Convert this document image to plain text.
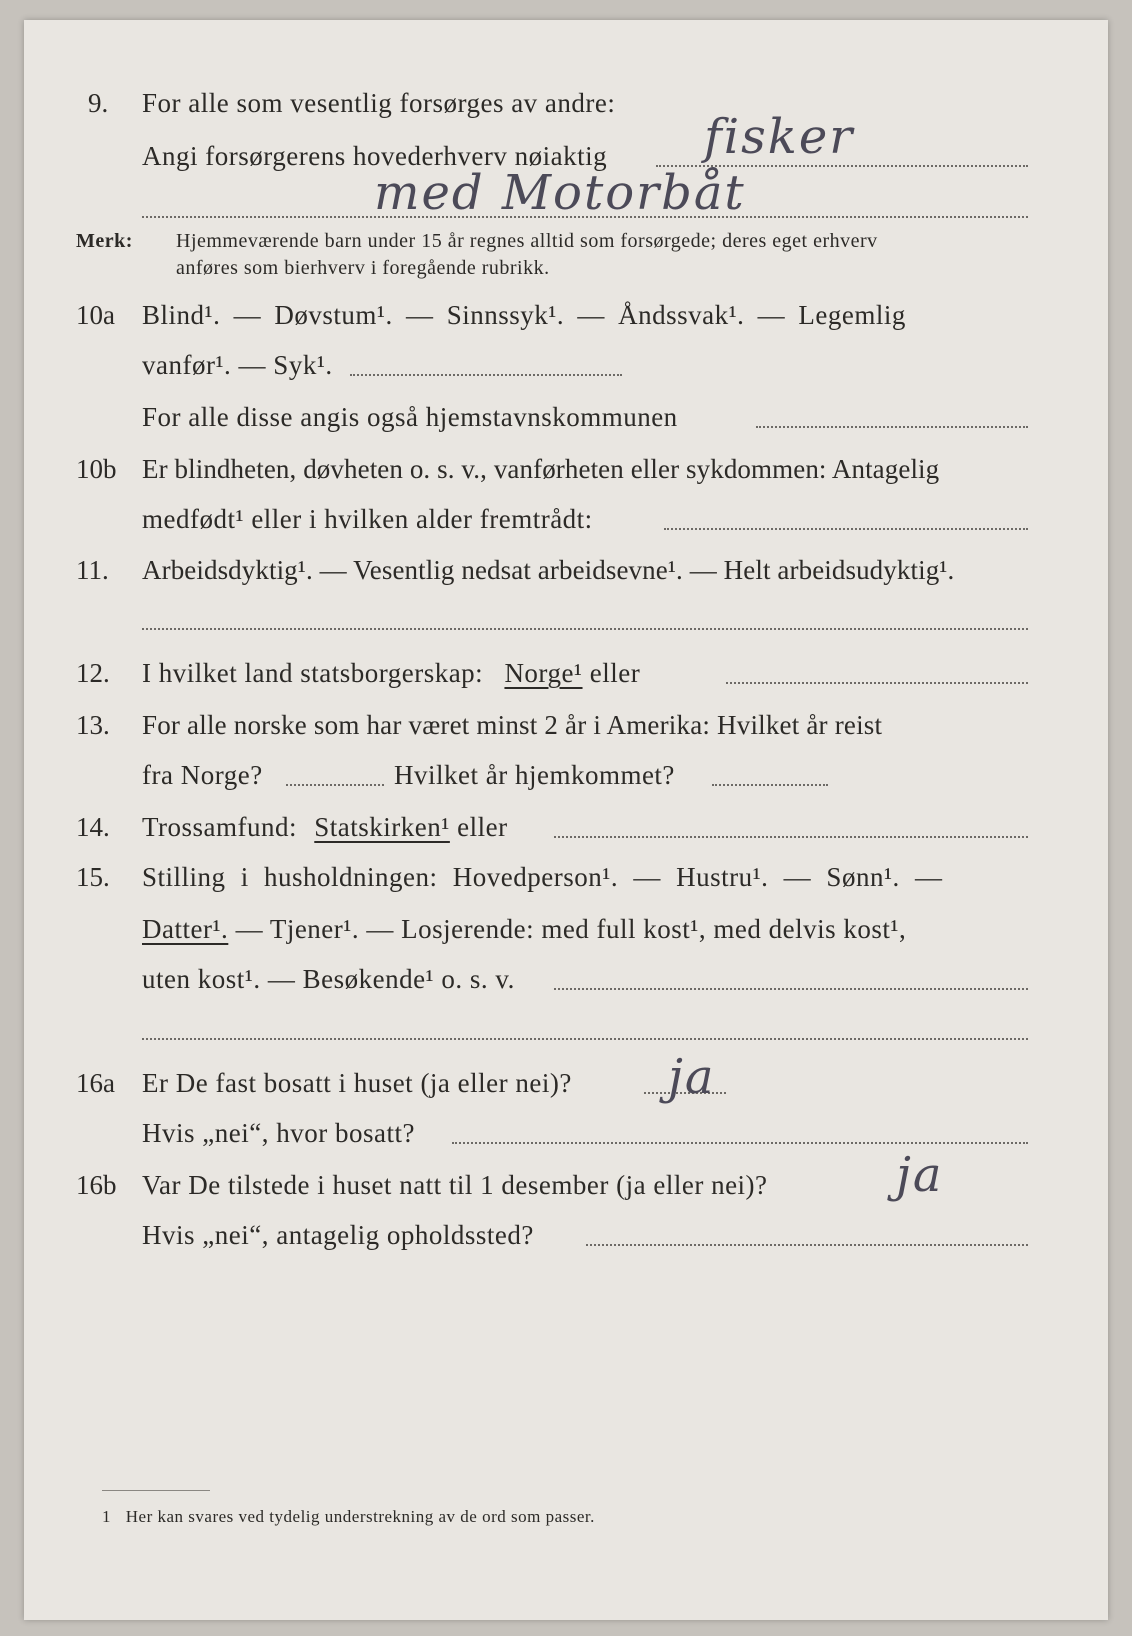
9. For alle som vesentlig forsørges av andre:
Angi forsørgerens hovederhverv nøiaktig fisker
med Motorbåt
Merk: Hjemmeværende barn under 15 år regnes alltid som forsørgede; deres eget erhverv
anføres som bierhverv i foregående rubrikk.
10a Blind¹. — Døvstum¹. — Sinnssyk¹. — Åndssvak¹. — Legemlig
vanfør¹. — Syk¹.
For alle disse angis også hjemstavnskommunen
10b Er blindheten, døvheten o. s. v., vanførheten eller sykdommen: Antagelig
medfødt¹ eller i hvilken alder fremtrådt:
11. Arbeidsdyktig¹. — Vesentlig nedsat arbeidsevne¹. — Helt arbeidsudyktig¹.
12. I hvilket land statsborgerskap: Norge¹ eller
13. For alle norske som har været minst 2 år i Amerika: Hvilket år reist
fra Norge?	Hvilket år hjemkommet?
14. Trossamfund: Statskirken¹ eller
15. Stilling i husholdningen: Hovedperson¹. — Hustru¹. — Sønn¹. —
Datter¹. — Tjener¹. — Losjerende: med full kost¹, med delvis kost¹,
uten kost¹. — Besøkende¹ o. s. v.
16a Er De fast bosatt i huset (ja eller nei)? ja
Hvis „nei“, hvor bosatt?
16b Var De tilstede i huset natt til 1 desember (ja eller nei)?	ja
Hvis „nei“, antagelig opholdssted?
1 Her kan svares ved tydelig understrekning av de ord som passer.
